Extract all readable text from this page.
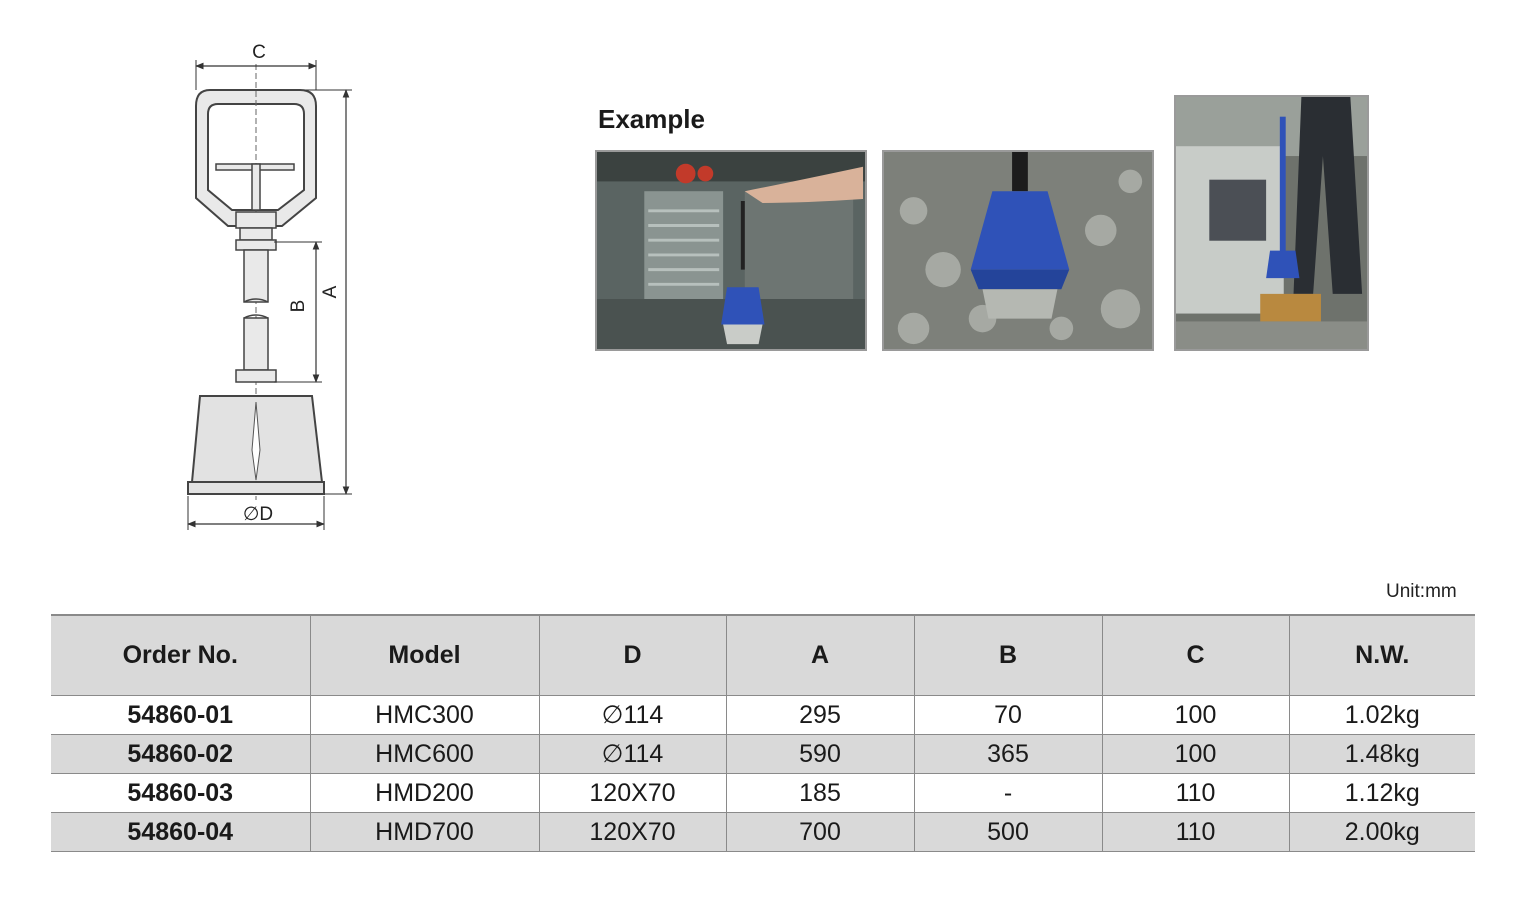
C
A
B
∅D
Example
Unit:mm
Order No.	Model	D	A	B	C	N.W.
54860-01	HMC300	∅114	295	70	100	1.02kg
54860-02	HMC600	∅114	590	365	100	1.48kg
54860-03	HMD200	120X70	185	-	110	1.12kg
54860-04	HMD700	120X70	700	500	110	2.00kg
